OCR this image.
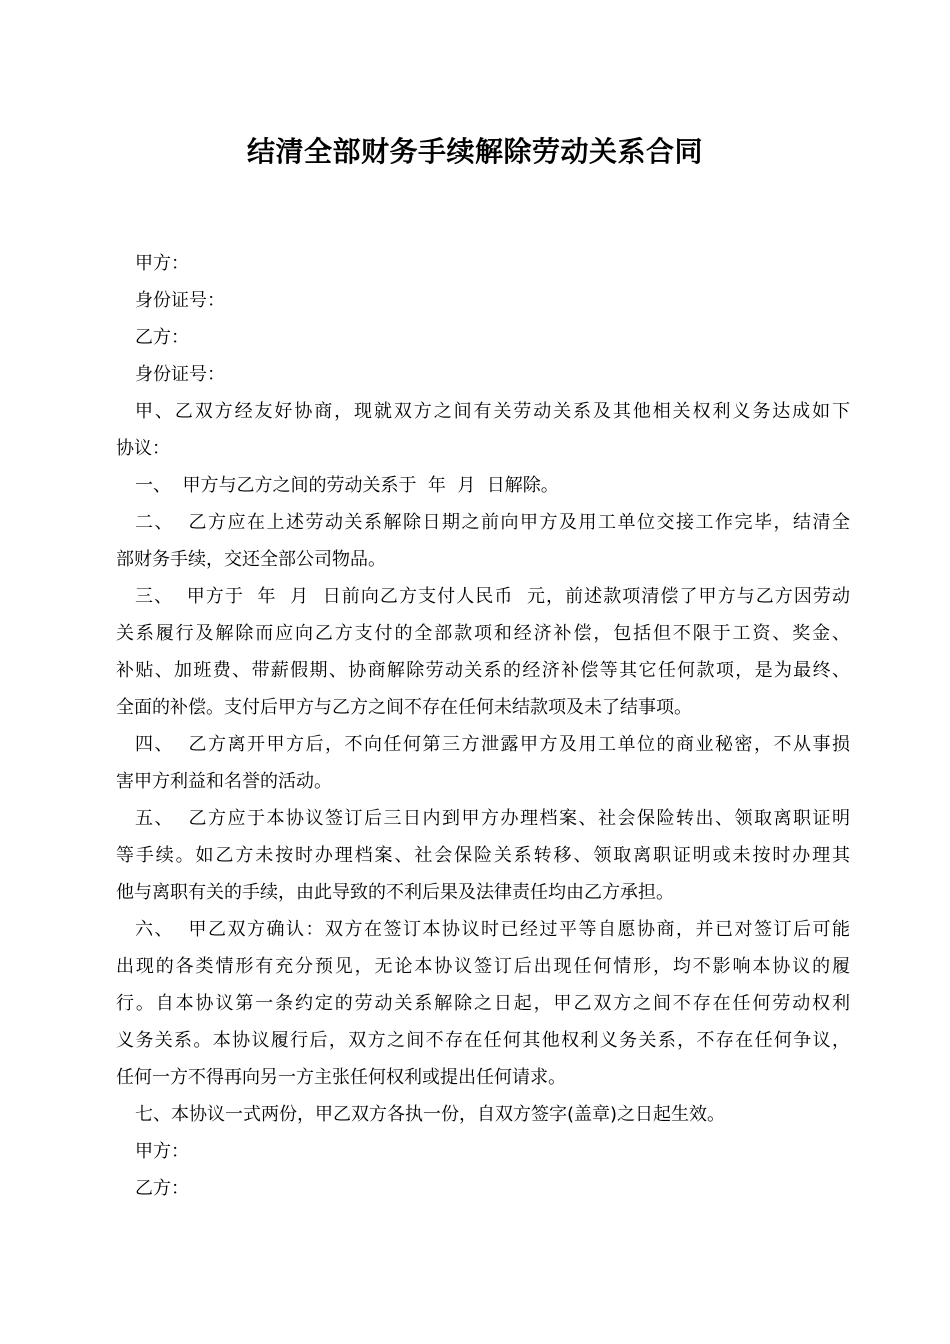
结清全部财务手续解除劳动关系合同
甲方：
身份证号：
乙方：
身份证号：
甲、乙双方经友好协商，现就双方之间有关劳动关系及其他相关权利义务达成如下
协议：
一、  甲方与乙方之间的劳动关系于  年  月  日解除。
二、  乙方应在上述劳动关系解除日期之前向甲方及用工单位交接工作完毕，结清全
部财务手续，交还全部公司物品。
三、  甲方于  年  月  日前向乙方支付人民币  元，前述款项清偿了甲方与乙方因劳动
关系履行及解除而应向乙方支付的全部款项和经济补偿，包括但不限于工资、奖金、
补贴、加班费、带薪假期、协商解除劳动关系的经济补偿等其它任何款项，是为最终、
全面的补偿。支付后甲方与乙方之间不存在任何未结款项及未了结事项。
四、  乙方离开甲方后，不向任何第三方泄露甲方及用工单位的商业秘密，不从事损
害甲方利益和名誉的活动。
五、  乙方应于本协议签订后三日内到甲方办理档案、社会保险转出、领取离职证明
等手续。如乙方未按时办理档案、社会保险关系转移、领取离职证明或未按时办理其
他与离职有关的手续，由此导致的不利后果及法律责任均由乙方承担。
六、  甲乙双方确认：双方在签订本协议时已经过平等自愿协商，并已对签订后可能
出现的各类情形有充分预见，无论本协议签订后出现任何情形，均不影响本协议的履
行。自本协议第一条约定的劳动关系解除之日起，甲乙双方之间不存在任何劳动权利
义务关系。本协议履行后，双方之间不存在任何其他权利义务关系，不存在任何争议，
任何一方不得再向另一方主张任何权利或提出任何请求。
七、本协议一式两份，甲乙双方各执一份，自双方签字(盖章)之日起生效。
甲方：
乙方：
